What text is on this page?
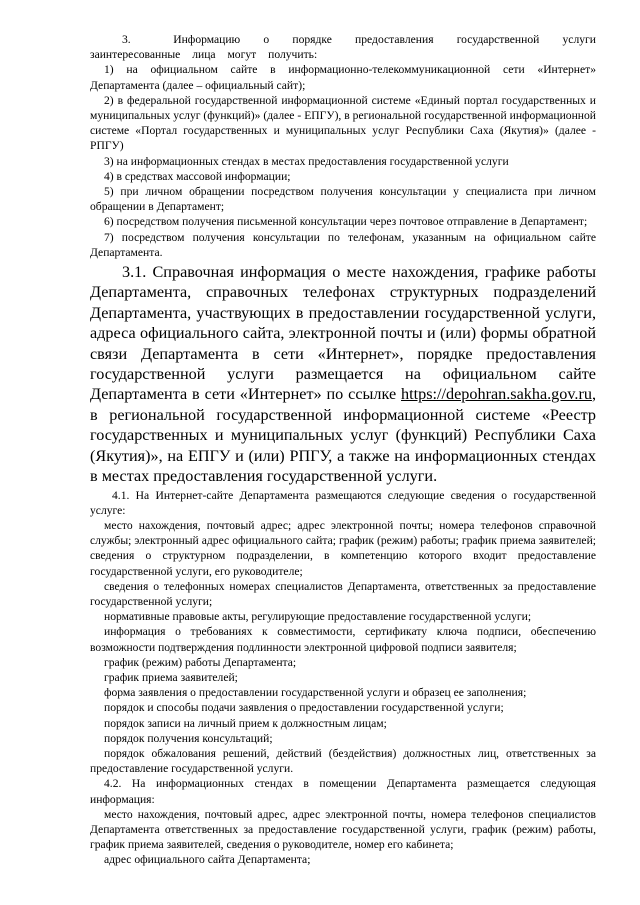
3.	Информацию о порядке предоставления государственной услуги заинтересованные лица могут получить:

1) на официальном сайте в информационно-телекоммуникационной сети «Интернет» Департамента (далее – официальный сайт);

2) в федеральной государственной информационной системе «Единый портал государственных и муниципальных услуг (функций)» (далее - ЕПГУ), в региональной государственной информационной системе «Портал государственных и муниципальных услуг Республики Саха (Якутия)» (далее - РПГУ)

3) на информационных стендах в местах предоставления государственной услуги

4) в средствах массовой информации;

5) при личном обращении посредством получения консультации у специалиста при личном обращении в Департамент;

6) посредством получения письменной консультации через почтовое отправление в Департамент;

7) посредством получения консультации по телефонам, указанным на официальном сайте Департамента.

3.1. Справочная информация о месте нахождения, графике работы Департамента, справочных телефонах структурных подразделений Департамента, участвующих в предоставлении государственной услуги, адреса официального сайта, электронной почты и (или) формы обратной связи Департамента в сети «Интернет», порядке предоставления государственной услуги размещается на официальном сайте Департамента в сети «Интернет» по ссылке https://depohran.sakha.gov.ru, в региональной государственной информационной системе «Реестр государственных и муниципальных услуг (функций) Республики Саха (Якутия)», на ЕПГУ и (или) РПГУ, а также на информационных стендах в местах предоставления государственной услуги.

4.1. На Интернет-сайте Департамента размещаются следующие сведения о государственной услуге:

место нахождения, почтовый адрес; адрес электронной почты; номера телефонов справочной службы; электронный адрес официального сайта; график (режим) работы; график приема заявителей; сведения о структурном подразделении, в компетенцию которого входит предоставление государственной услуги, его руководителе;

сведения о телефонных номерах специалистов Департамента, ответственных за предоставление государственной услуги;

нормативные правовые акты, регулирующие предоставление государственной услуги;

информация о требованиях к совместимости, сертификату ключа подписи, обеспечению возможности подтверждения подлинности электронной цифровой подписи заявителя;

график (режим) работы Департамента;

график приема заявителей;

форма заявления о предоставлении государственной услуги и образец ее заполнения;

порядок и способы подачи заявления о предоставлении государственной услуги;

порядок записи на личный прием к должностным лицам;

порядок получения консультаций;

порядок обжалования решений, действий (бездействия) должностных лиц, ответственных за предоставление государственной услуги.

4.2. На информационных стендах в помещении Департамента размещается следующая информация:

место нахождения, почтовый адрес, адрес электронной почты, номера телефонов специалистов Департамента ответственных за предоставление государственной услуги, график (режим) работы, график приема заявителей, сведения о руководителе, номер его кабинета;

адрес официального сайта Департамента;
